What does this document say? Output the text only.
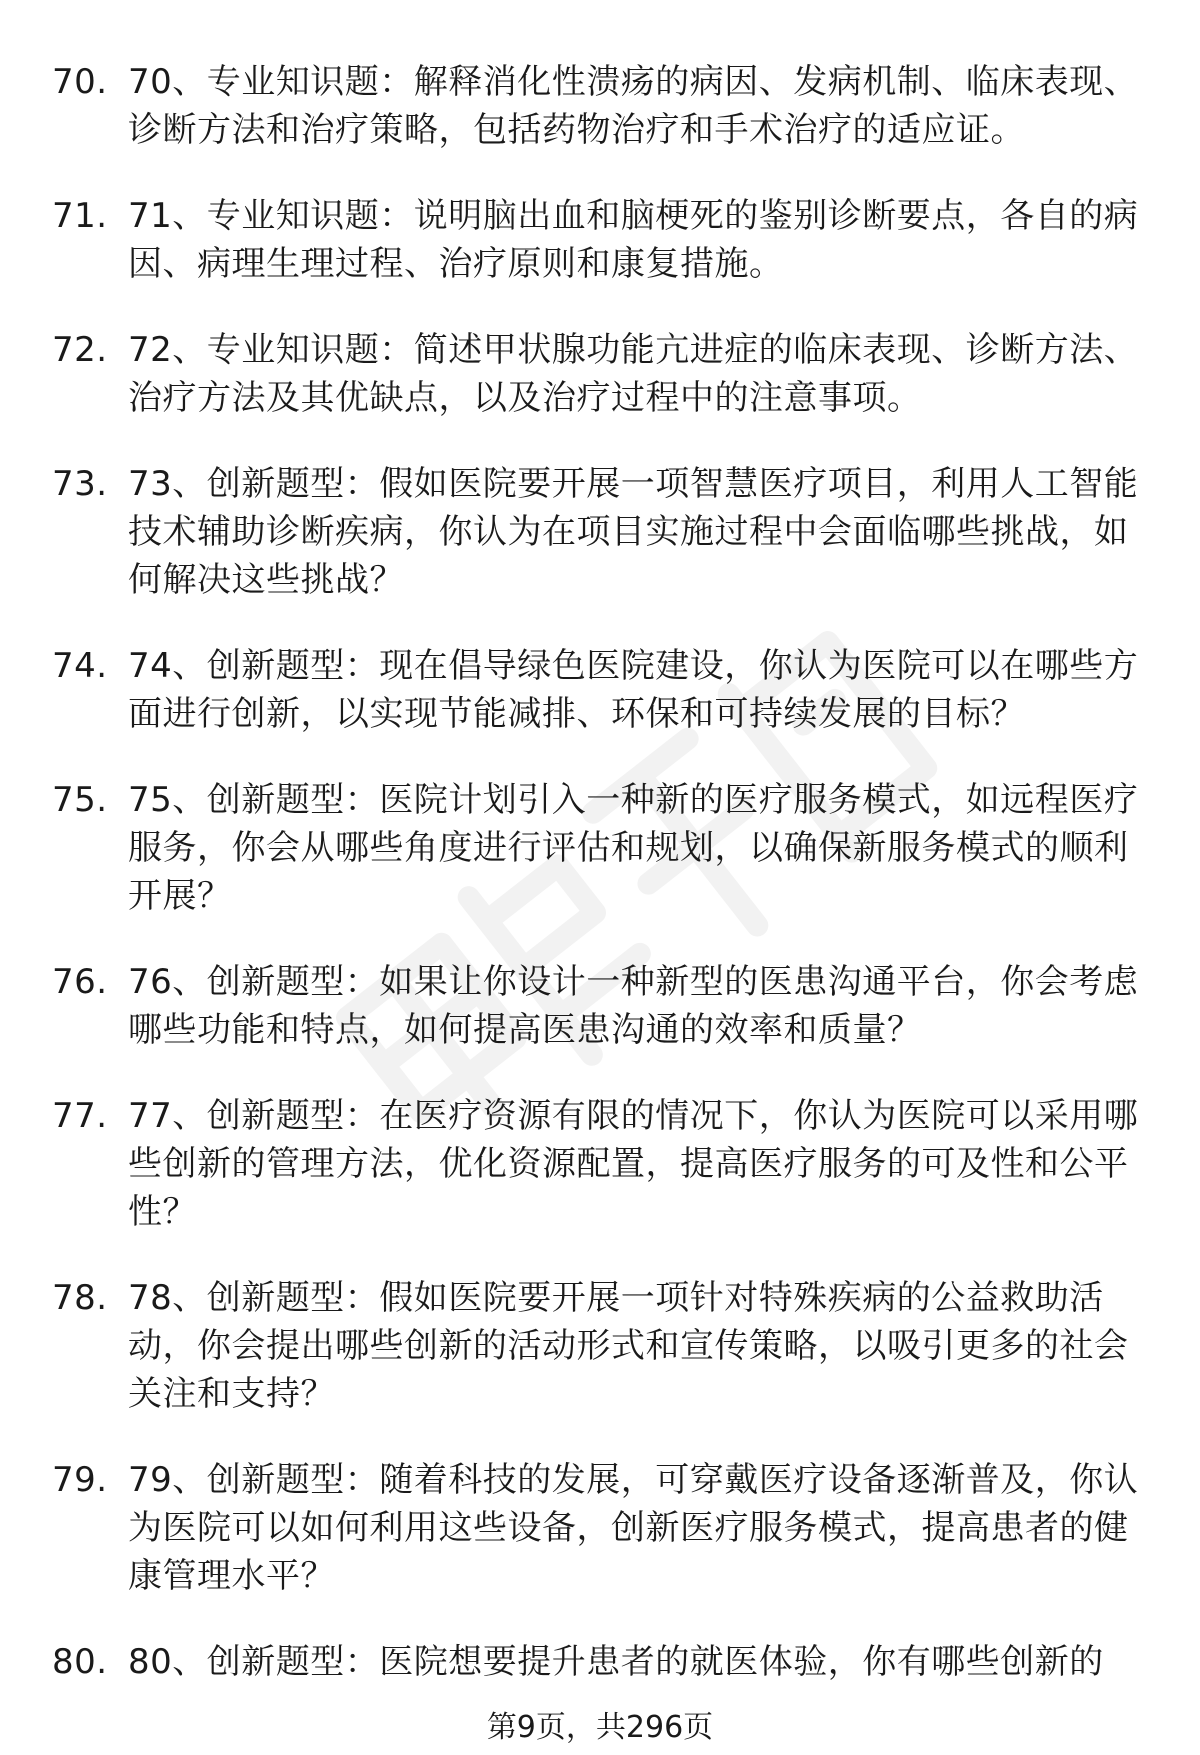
70. 70、专业知识题：解释消化性溃疡的病因、发病机制、临床表现、诊断方法和治疗策略，包括药物治疗和手术治疗的适应证。
71. 71、专业知识题：说明脑出血和脑梗死的鉴别诊断要点，各自的病因、病理生理过程、治疗原则和康复措施。
72. 72、专业知识题：简述甲状腺功能亢进症的临床表现、诊断方法、治疗方法及其优缺点，以及治疗过程中的注意事项。
73. 73、创新题型：假如医院要开展一项智慧医疗项目，利用人工智能技术辅助诊断疾病，你认为在项目实施过程中会面临哪些挑战，如何解决这些挑战？
74. 74、创新题型：现在倡导绿色医院建设，你认为医院可以在哪些方面进行创新，以实现节能减排、环保和可持续发展的目标？
75. 75、创新题型：医院计划引入一种新的医疗服务模式，如远程医疗服务，你会从哪些角度进行评估和规划，以确保新服务模式的顺利开展？
76. 76、创新题型：如果让你设计一种新型的医患沟通平台，你会考虑哪些功能和特点，如何提高医患沟通的效率和质量？
77. 77、创新题型：在医疗资源有限的情况下，你认为医院可以采用哪些创新的管理方法，优化资源配置，提高医疗服务的可及性和公平性？
78. 78、创新题型：假如医院要开展一项针对特殊疾病的公益救助活动，你会提出哪些创新的活动形式和宣传策略，以吸引更多的社会关注和支持？
79. 79、创新题型：随着科技的发展，可穿戴医疗设备逐渐普及，你认为医院可以如何利用这些设备，创新医疗服务模式，提高患者的健康管理水平？
80. 80、创新题型：医院想要提升患者的就医体验，你有哪些创新的
第9页，共296页
